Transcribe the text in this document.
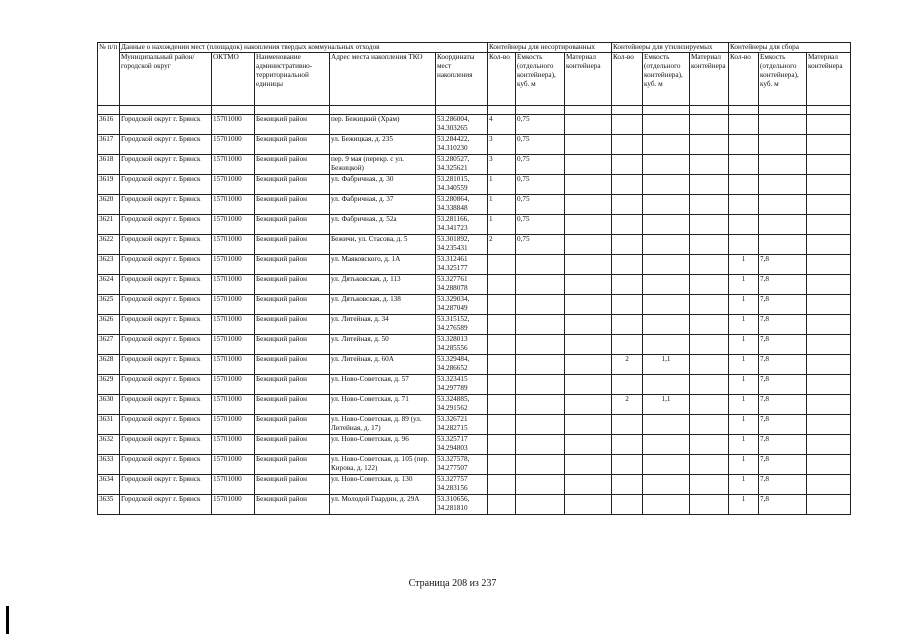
№ п/п	Данные о нахождении мест (площадок) накопления твердых коммунальных отходов					Контейнеры для несортированных			Контейнеры для утилизируемых			Контейнеры для сбора		
	Муниципальный район/городской округ	ОКТМО	Наименование административно-территориальной единицы	Адрес места накопления ТКО	Координаты мест накопления	Кол-во	Емкость (отдельного контейнера), куб. м	Материал контейнера	Кол-во	Емкость (отдельного контейнера), куб. м	Материал контейнера	Кол-во	Емкость (отдельного контейнера), куб. м	Материал контейнера

3616	Городской округ г. Брянск	15701000	Бежицкий район	пер. Бежицкий (Храм)	53.286004, 34.303265	4	0,75							
3617	Городской округ г. Брянск	15701000	Бежицкий район	ул. Бежицкая, д. 235	53.284422, 34.310230	3	0,75							
3618	Городской округ г. Брянск	15701000	Бежицкий район	пер. 9 мая (перекр. с ул. Бежицкой)	53.280527, 34.325621	3	0,75							
3619	Городской округ г. Брянск	15701000	Бежицкий район	ул. Фабричная, д. 30	53.281015, 34.340559	1	0,75							
3620	Городской округ г. Брянск	15701000	Бежицкий район	ул. Фабричная, д. 37	53.280864, 34.338848	1	0,75							
3621	Городской округ г. Брянск	15701000	Бежицкий район	ул. Фабричная, д. 52а	53.281166, 34.341723	1	0,75							
3622	Городской округ г. Брянск	15701000	Бежицкий район	Бежичи, ул. Стасова, д. 5	53.301892, 34.235431	2	0,75							
3623	Городской округ г. Брянск	15701000	Бежицкий район	ул. Маяковского, д. 1А	53.312461 34.325177							1	7,8	
3624	Городской округ г. Брянск	15701000	Бежицкий район	ул. Дятьковская, д. 113	53.327761 34.288078							1	7,8	
3625	Городской округ г. Брянск	15701000	Бежицкий район	ул. Дятьковская, д. 138	53.329034, 34.287049							1	7,8	
3626	Городской округ г. Брянск	15701000	Бежицкий район	ул. Литейная, д. 34	53.315152, 34.276589							1	7,8	
3627	Городской округ г. Брянск	15701000	Бежицкий район	ул. Литейная, д. 50	53.328013 34.285556							1	7,8	
3628	Городской округ г. Брянск	15701000	Бежицкий район	ул. Литейная, д. 60А	53.329484, 34.286652				2	1,1		1	7,8	
3629	Городской округ г. Брянск	15701000	Бежицкий район	ул. Ново-Советская, д. 57	53.323415 34.297789							1	7,8	
3630	Городской округ г. Брянск	15701000	Бежицкий район	ул. Ново-Советская, д. 71	53.324885, 34.291562				2	1,1		1	7,8	
3631	Городской округ г. Брянск	15701000	Бежицкий район	ул. Ново-Советская, д. 89 (ул. Литейная, д. 17)	53.326721 34.282715							1	7,8	
3632	Городской округ г. Брянск	15701000	Бежицкий район	ул. Ново-Советская, д. 96	53.325717 34.294803							1	7,8	
3633	Городской округ г. Брянск	15701000	Бежицкий район	ул. Ново-Советская, д. 105 (пер. Кирова, д. 122)	53.327578, 34.277507							1	7,8	
3634	Городской округ г. Брянск	15701000	Бежицкий район	ул. Ново-Советская, д. 130	53.327757 34.283156							1	7,8	
3635	Городской округ г. Брянск	15701000	Бежицкий район	ул. Молодой Гвардии, д. 29А	53.310656, 34.281810							1	7,8	
Страница 208 из 237
